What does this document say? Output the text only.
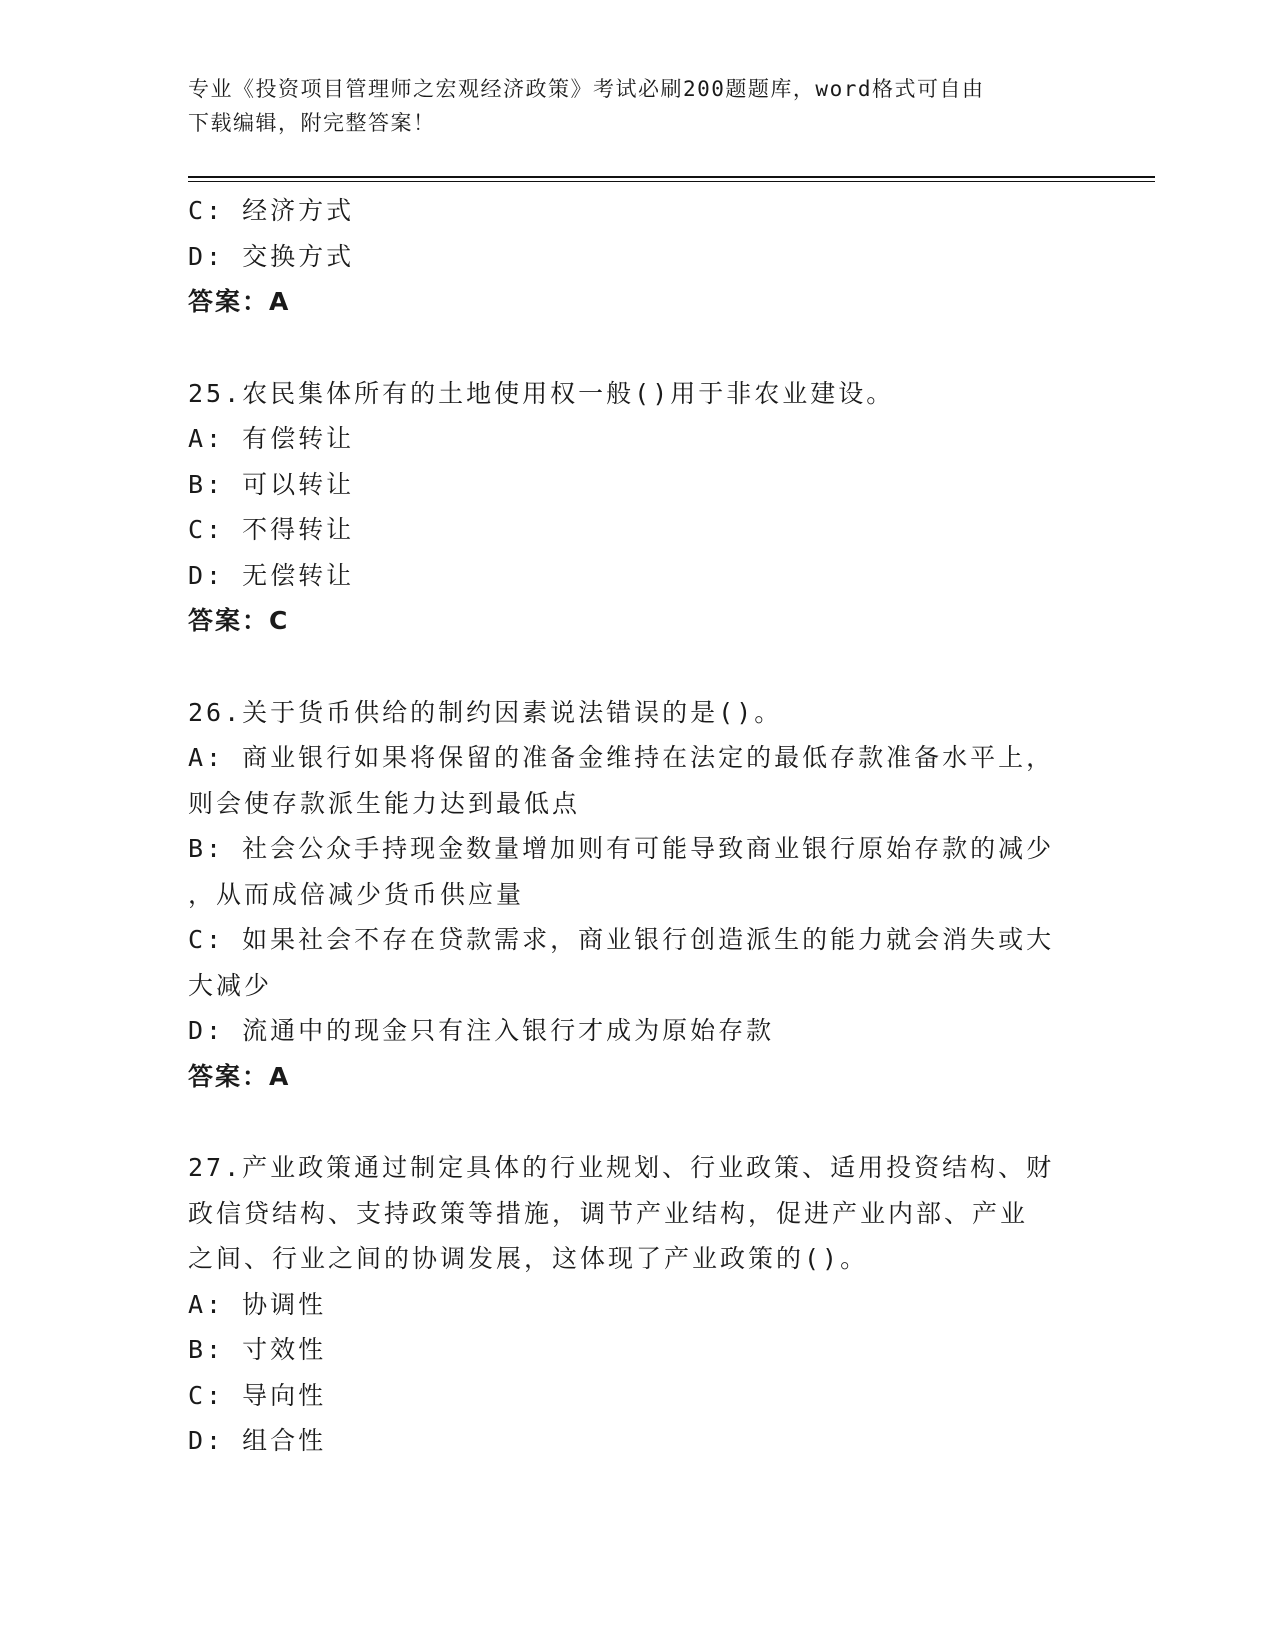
专业《投资项目管理师之宏观经济政策》考试必刷200题题库，word格式可自由
下载编辑，附完整答案！
C: 经济方式
D: 交换方式
答案：A
25.农民集体所有的土地使用权一般()用于非农业建设。
A: 有偿转让
B: 可以转让
C: 不得转让
D: 无偿转让
答案：C
26.关于货币供给的制约因素说法错误的是()。
A: 商业银行如果将保留的准备金维持在法定的最低存款准备水平上，
则会使存款派生能力达到最低点
B: 社会公众手持现金数量增加则有可能导致商业银行原始存款的减少
，从而成倍减少货币供应量
C: 如果社会不存在贷款需求，商业银行创造派生的能力就会消失或大
大减少
D: 流通中的现金只有注入银行才成为原始存款
答案：A
27.产业政策通过制定具体的行业规划、行业政策、适用投资结构、财
政信贷结构、支持政策等措施，调节产业结构，促进产业内部、产业
之间、行业之间的协调发展，这体现了产业政策的()。
A: 协调性
B: 寸效性
C: 导向性
D: 组合性
